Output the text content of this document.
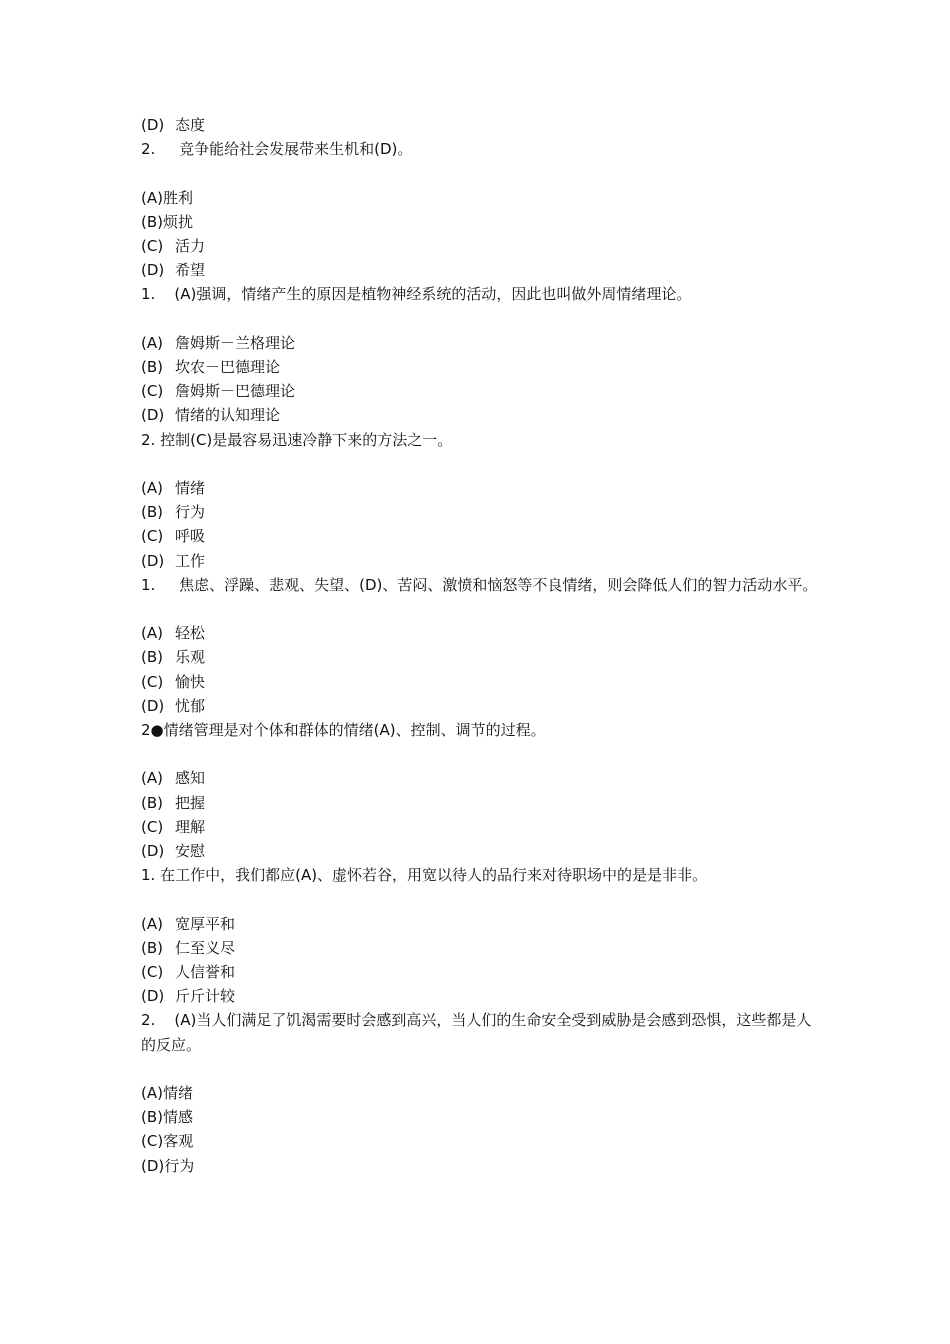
(D) 态度
2. 竞争能给社会发展带来生机和(D)。
(A)胜利
(B)烦扰
(C) 活力
(D) 希望
1. (A)强调，情绪产生的原因是植物神经系统的活动，因此也叫做外周情绪理论。
(A) 詹姆斯－兰格理论
(B) 坎农－巴德理论
(C) 詹姆斯－巴德理论
(D) 情绪的认知理论
2. 控制(C)是最容易迅速冷静下来的方法之一。
(A) 情绪
(B) 行为
(C) 呼吸
(D) 工作
1. 焦虑、浮躁、悲观、失望、(D)、苦闷、激愤和恼怒等不良情绪，则会降低人们的智力活动水平。
(A) 轻松
(B) 乐观
(C) 愉快
(D) 忧郁
2●情绪管理是对个体和群体的情绪(A)、控制、调节的过程。
(A) 感知
(B) 把握
(C) 理解
(D) 安慰
1. 在工作中，我们都应(A)、虚怀若谷，用宽以待人的品行来对待职场中的是是非非。
(A) 宽厚平和
(B) 仁至义尽
(C) 人信誉和
(D) 斤斤计较
2. (A)当人们满足了饥渴需要时会感到高兴，当人们的生命安全受到威胁是会感到恐惧，这些都是人的反应。
(A)情绪
(B)情感
(C)客观
(D)行为
